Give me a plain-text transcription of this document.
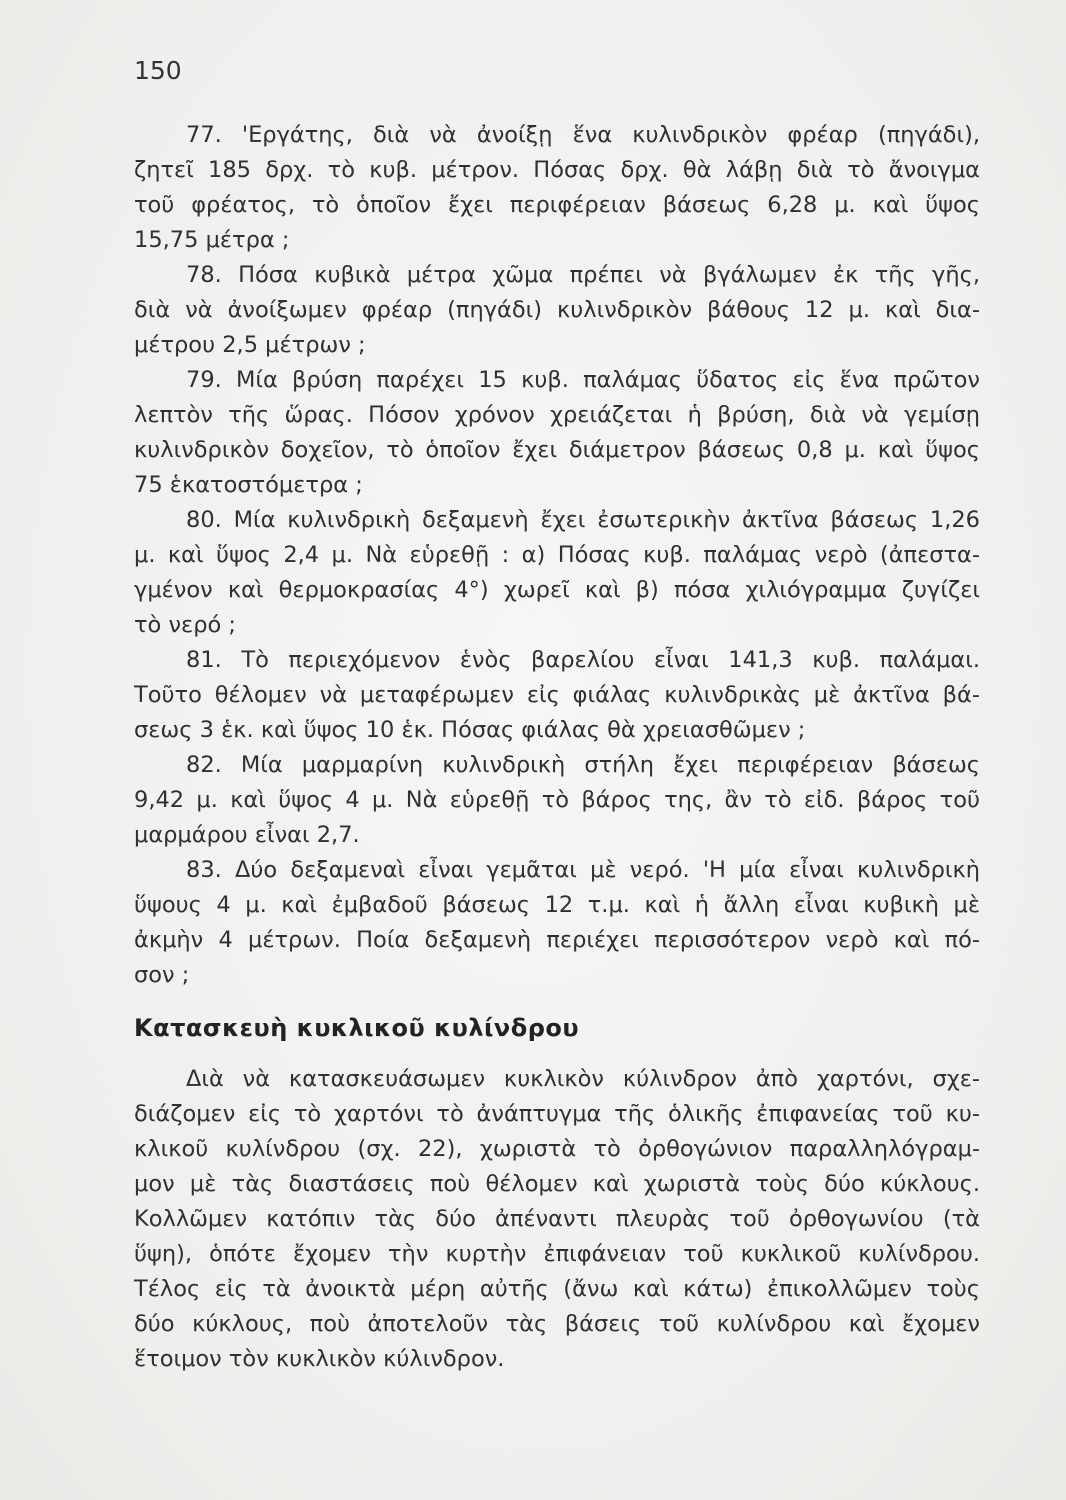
150
77. 'Εργάτης, διὰ νὰ ἀνοίξῃ ἕνα κυλινδρικὸν φρέαρ (πηγάδι),
ζητεῖ 185 δρχ. τὸ κυβ. μέτρον. Πόσας δρχ. θὰ λάβῃ διὰ τὸ ἄνοιγμα
τοῦ φρέατος, τὸ ὁποῖον ἔχει περιφέρειαν βάσεως 6,28 μ. καὶ ὕψος
15,75 μέτρα ;
78. Πόσα κυβικὰ μέτρα χῶμα πρέπει νὰ βγάλωμεν ἐκ τῆς γῆς,
διὰ νὰ ἀνοίξωμεν φρέαρ (πηγάδι) κυλινδρικὸν βάθους 12 μ. καὶ δια-
μέτρου 2,5 μέτρων ;
79. Μία βρύση παρέχει 15 κυβ. παλάμας ὕδατος εἰς ἕνα πρῶτον
λεπτὸν τῆς ὥρας. Πόσον χρόνον χρειάζεται ἡ βρύση, διὰ νὰ γεμίσῃ
κυλινδρικὸν δοχεῖον, τὸ ὁποῖον ἔχει διάμετρον βάσεως 0,8 μ. καὶ ὕψος
75 ἑκατοστόμετρα ;
80. Μία κυλινδρικὴ δεξαμενὴ ἔχει ἐσωτερικὴν ἀκτῖνα βάσεως 1,26
μ. καὶ ὕψος 2,4 μ. Νὰ εὑρεθῇ : α) Πόσας κυβ. παλάμας νερὸ (ἀπεστα-
γμένον καὶ θερμοκρασίας 4°) χωρεῖ καὶ β) πόσα χιλιόγραμμα ζυγίζει
τὸ νερό ;
81. Τὸ περιεχόμενον ἑνὸς βαρελίου εἶναι 141,3 κυβ. παλάμαι.
Τοῦτο θέλομεν νὰ μεταφέρωμεν εἰς φιάλας κυλινδρικὰς μὲ ἀκτῖνα βά-
σεως 3 ἑκ. καὶ ὕψος 10 ἑκ. Πόσας φιάλας θὰ χρειασθῶμεν ;
82. Μία μαρμαρίνη κυλινδρικὴ στήλη ἔχει περιφέρειαν βάσεως
9,42 μ. καὶ ὕψος 4 μ. Νὰ εὑρεθῇ τὸ βάρος της, ἂν τὸ εἰδ. βάρος τοῦ
μαρμάρου εἶναι 2,7.
83. Δύο δεξαμεναὶ εἶναι γεμᾶται μὲ νερό. 'Η μία εἶναι κυλινδρικὴ
ὕψους 4 μ. καὶ ἐμβαδοῦ βάσεως 12 τ.μ. καὶ ἡ ἄλλη εἶναι κυβικὴ μὲ
ἀκμὴν 4 μέτρων. Ποία δεξαμενὴ περιέχει περισσότερον νερὸ καὶ πό-
σον ;
Κατασκευὴ κυκλικοῦ κυλίνδρου
Διὰ νὰ κατασκευάσωμεν κυκλικὸν κύλινδρον ἀπὸ χαρτόνι, σχε-
διάζομεν εἰς τὸ χαρτόνι τὸ ἀνάπτυγμα τῆς ὁλικῆς ἐπιφανείας τοῦ κυ-
κλικοῦ κυλίνδρου (σχ. 22), χωριστὰ τὸ ὀρθογώνιον παραλληλόγραμ-
μον μὲ τὰς διαστάσεις ποὺ θέλομεν καὶ χωριστὰ τοὺς δύο κύκλους.
Κολλῶμεν κατόπιν τὰς δύο ἀπέναντι πλευρὰς τοῦ ὀρθογωνίου (τὰ
ὕψη), ὁπότε ἔχομεν τὴν κυρτὴν ἐπιφάνειαν τοῦ κυκλικοῦ κυλίνδρου.
Τέλος εἰς τὰ ἀνοικτὰ μέρη αὐτῆς (ἄνω καὶ κάτω) ἐπικολλῶμεν τοὺς
δύο κύκλους, ποὺ ἀποτελοῦν τὰς βάσεις τοῦ κυλίνδρου καὶ ἔχομεν
ἕτοιμον τὸν κυκλικὸν κύλινδρον.
